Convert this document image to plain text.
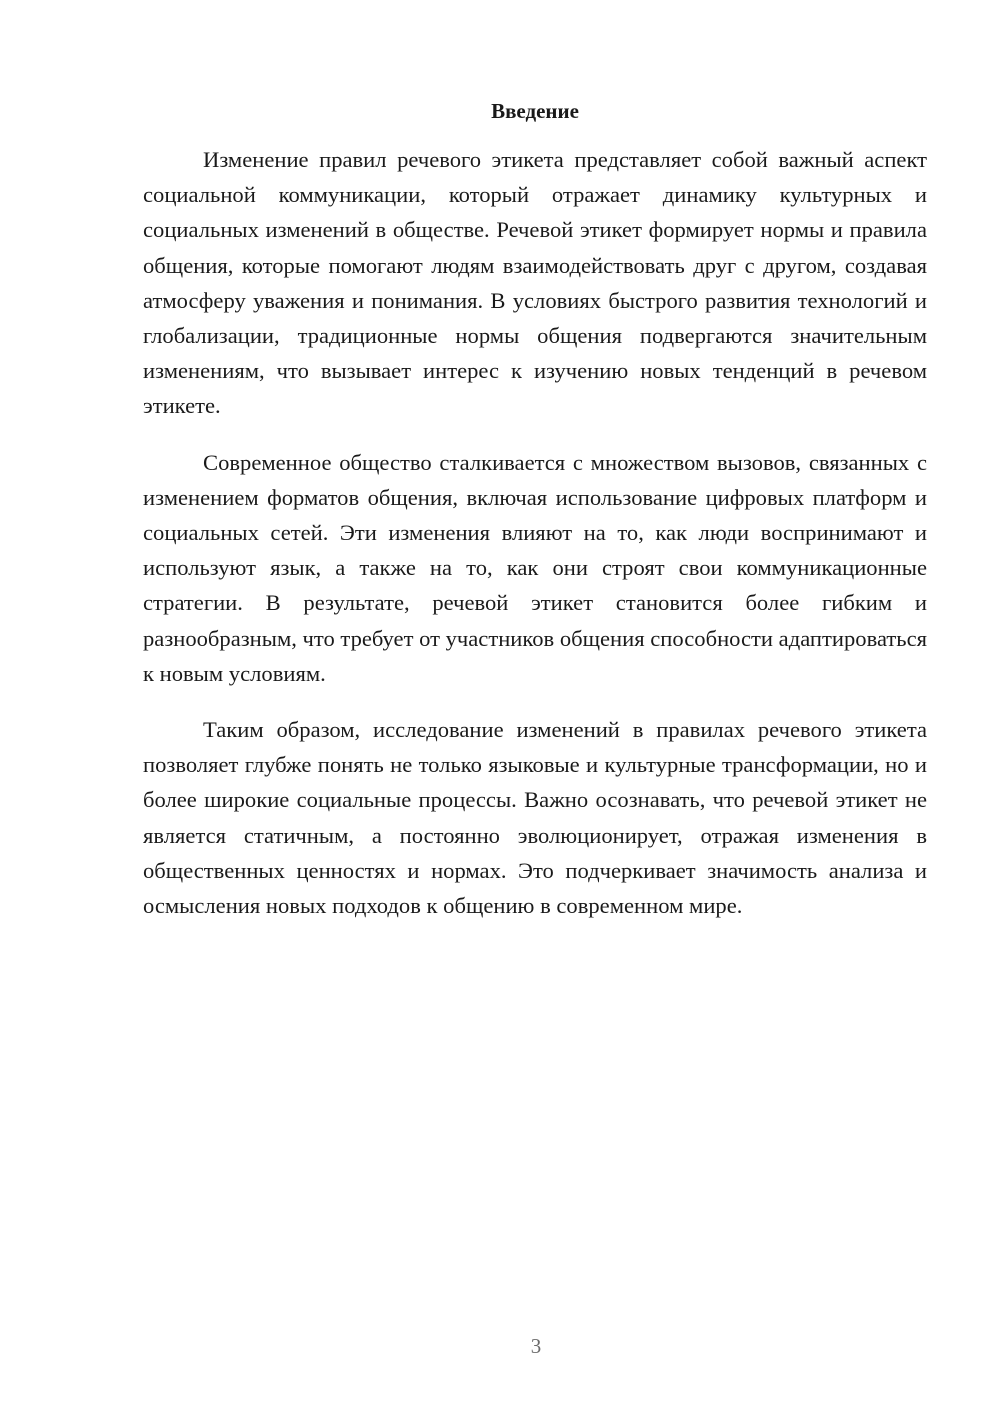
Введение

Изменение правил речевого этикета представляет собой важный аспект социальной коммуникации, который отражает динамику культурных и социальных изменений в обществе. Речевой этикет формирует нормы и правила общения, которые помогают людям взаимодействовать друг с другом, создавая атмосферу уважения и понимания. В условиях быстрого развития технологий и глобализации, традиционные нормы общения подвергаются значительным изменениям, что вызывает интерес к изучению новых тенденций в речевом этикете.

Современное общество сталкивается с множеством вызовов, связанных с изменением форматов общения, включая использование цифровых платформ и социальных сетей. Эти изменения влияют на то, как люди воспринимают и используют язык, а также на то, как они строят свои коммуникационные стратегии. В результате, речевой этикет становится более гибким и разнообразным, что требует от участников общения способности адаптироваться к новым условиям.

Таким образом, исследование изменений в правилах речевого этикета позволяет глубже понять не только языковые и культурные трансформации, но и более широкие социальные процессы. Важно осознавать, что речевой этикет не является статичным, а постоянно эволюционирует, отражая изменения в общественных ценностях и нормах. Это подчеркивает значимость анализа и осмысления новых подходов к общению в современном мире.

3
